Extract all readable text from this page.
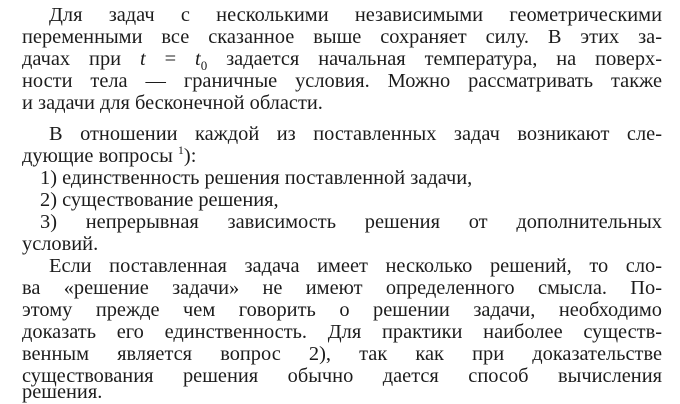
Для задач с несколькими независимыми геометрическими
переменными все сказанное выше сохраняет силу. В этих за-
дачах при $t = t_0$ задается начальная температура, на поверх-
ности тела — граничные условия. Можно рассматривать также
и задачи для бесконечной области.
В отношении каждой из поставленных задач возникают сле-
дующие вопросы $^1$):
1) единственность решения поставленной задачи,
2) существование решения,
3) непрерывная зависимость решения от дополнительных
условий.
Если поставленная задача имеет несколько решений, то сло-
ва «решение задачи» не имеют определенного смысла. По-
этому прежде чем говорить о решении задачи, необходимо
доказать его единственность. Для практики наиболее существ-
венным является вопрос 2), так как при доказательстве
существования решения обычно дается способ вычисления
решения.
